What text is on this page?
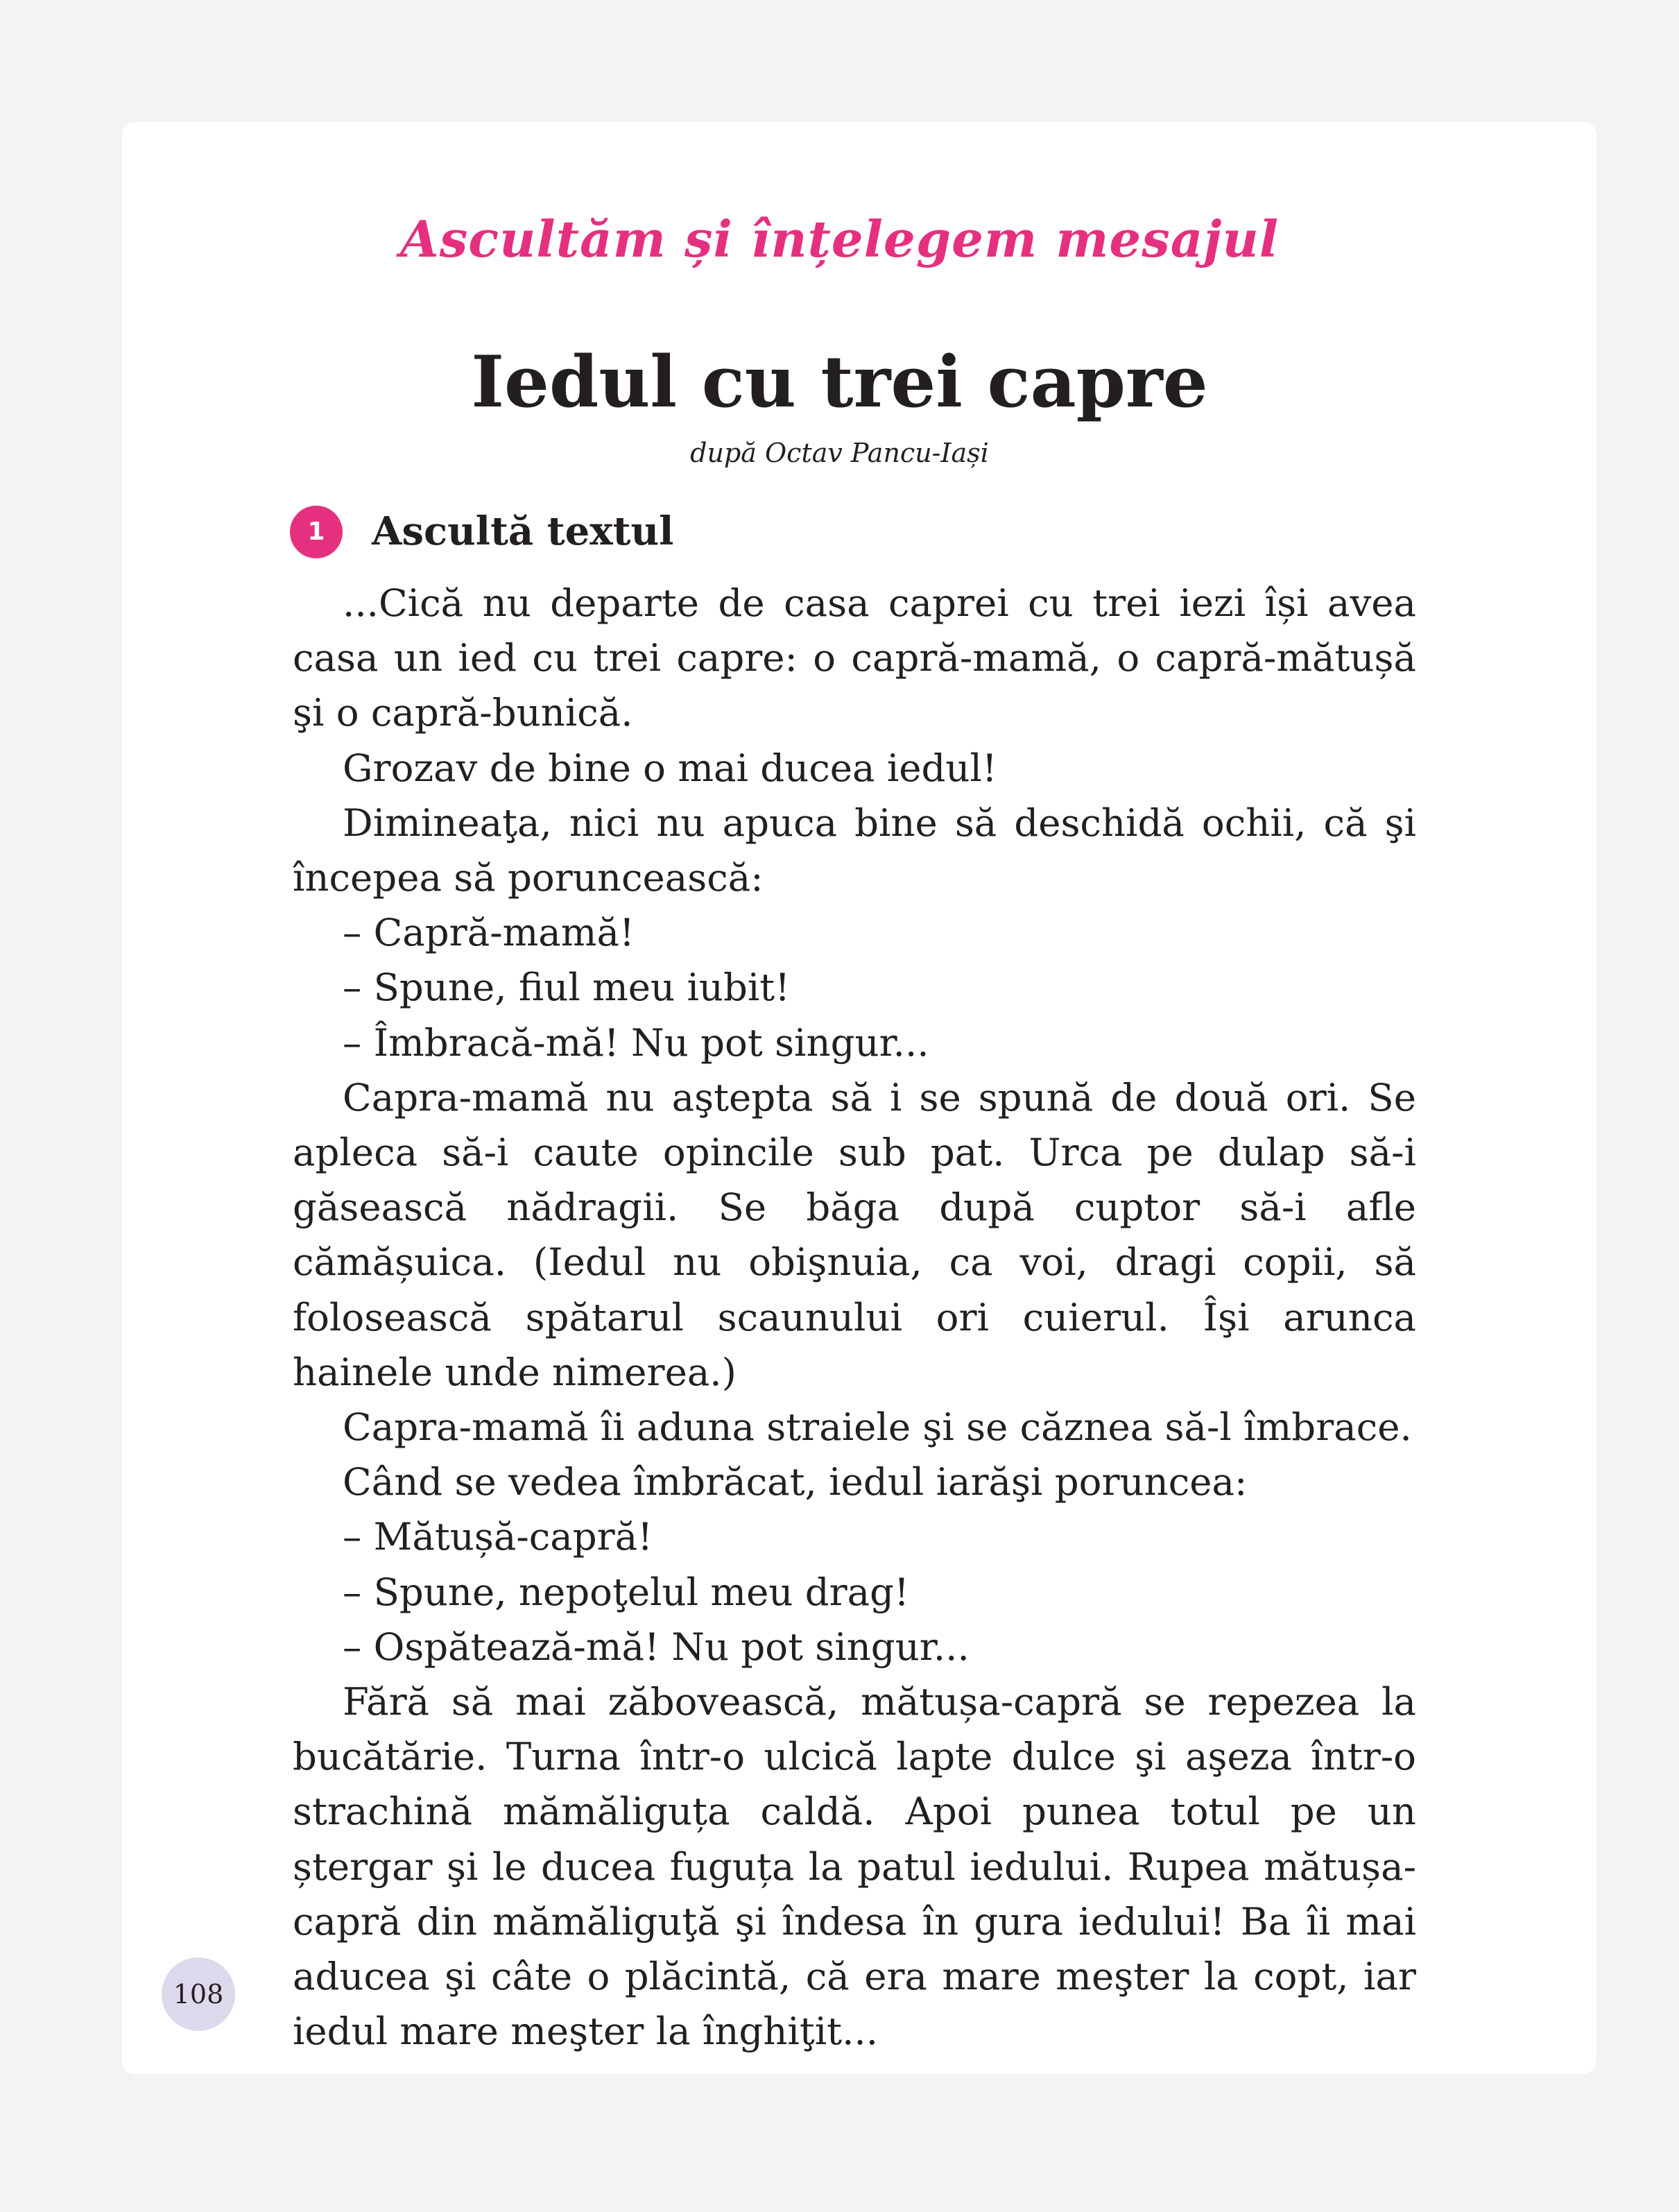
Ascultăm și înțelegem mesajul
Iedul cu trei capre
după Octav Pancu-Iași
1	Ascultă textul

...Cică nu departe de casa caprei cu trei iezi își avea casa un ied cu trei capre: o capră-mamă, o capră-mătușă şi o capră-bunică.

Grozav de bine o mai ducea iedul!

Dimineaţa, nici nu apuca bine să deschidă ochii, că şi începea să poruncească:

– Capră-mamă!

– Spune, fiul meu iubit!

– Îmbracă-mă! Nu pot singur...

Capra-mamă nu aştepta să i se spună de două ori. Se apleca să-i caute opincile sub pat. Urca pe dulap să-i găsească nădragii. Se băga după cuptor să-i afle cămășuica. (Iedul nu obişnuia, ca voi, dragi copii, să folosească spătarul scaunului ori cuierul. Îşi arunca hainele unde nimerea.)

Capra-mamă îi aduna straiele şi se căznea să-l îmbrace.

Când se vedea îmbrăcat, iedul iarăşi poruncea:

– Mătușă-capră!

– Spune, nepoţelul meu drag!

– Ospătează-mă! Nu pot singur...

Fără să mai zăbovească, mătușa-capră se repezea la bucătărie. Turna într-o ulcică lapte dulce şi aşeza într-o strachină mămăliguța caldă. Apoi punea totul pe un ștergar şi le ducea fuguța la patul iedului. Rupea mătușa-capră din mămăliguţă şi îndesa în gura iedului! Ba îi mai aducea şi câte o plăcintă, că era mare meşter la copt, iar iedul mare meşter la înghiţit...

108
